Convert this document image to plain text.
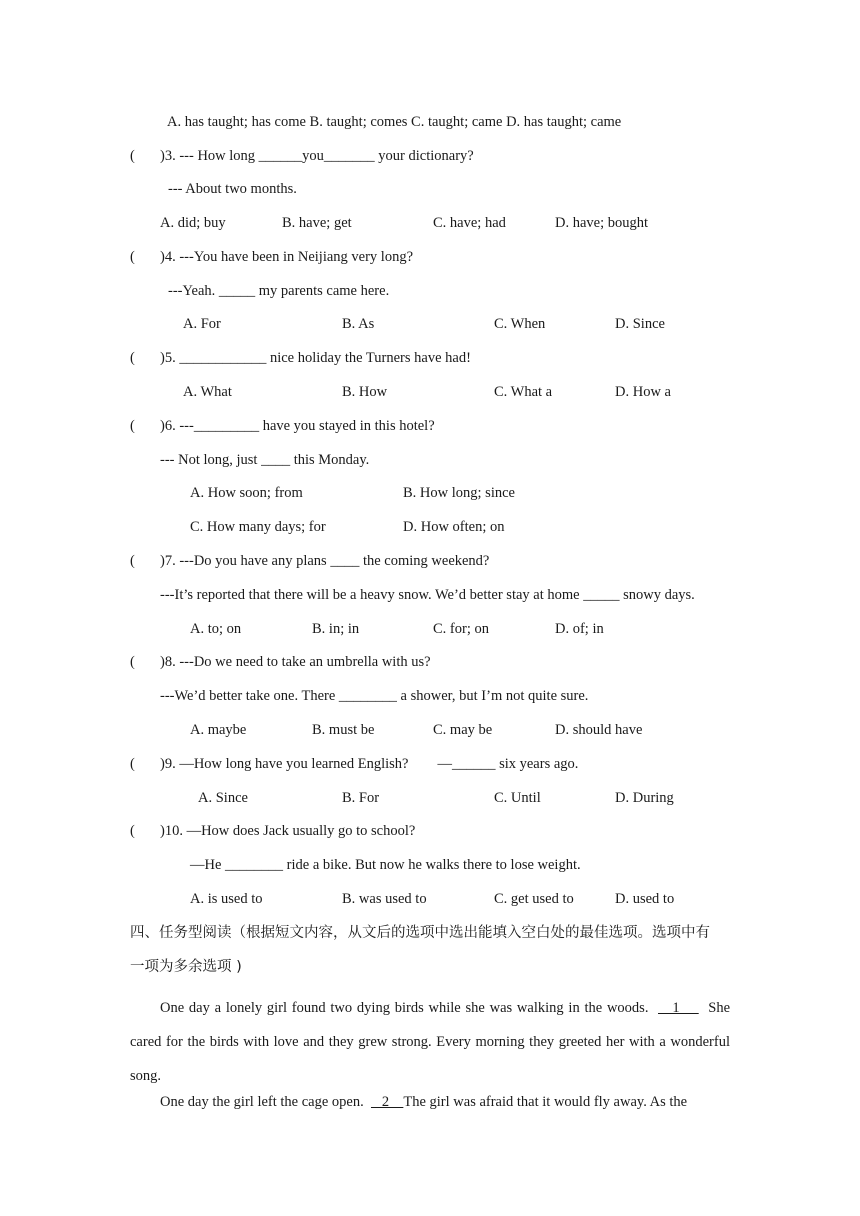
A. has taught; has come B. taught; comes C. taught; came D. has taught; came
( )3. --- How long ______you_______ your dictionary?
--- About two months.
A. did; buy	B. have; get	C. have; had	D. have; bought
( )4. ---You have been in Neijiang very long?
---Yeah. _____ my parents came here.
A. For	B. As	C. When	D. Since
( )5. ____________ nice holiday the Turners have had!
A. What	B. How	C. What a	D. How a
( )6. ---_________ have you stayed in this hotel?
--- Not long, just ____ this Monday.
A. How soon; from	B. How long; since
C. How many days; for	D. How often; on
( )7. ---Do you have any plans ____ the coming weekend?
---It’s reported that there will be a heavy snow. We’d better stay at home _____ snowy days.
A. to; on	B. in; in	C. for; on	D. of; in
( )8. ---Do we need to take an umbrella with us?
---We’d better take one. There ________ a shower, but I’m not quite sure.
A. maybe	B. must be	C. may be	D. should have
( )9. —How long have you learned English?        —______ six years ago.
A. Since	B. For	C. Until	D. During
( )10. —How does Jack usually go to school?
—He ________ ride a bike. But now he walks there to lose weight.
A. is used to	B. was used to	C. get used to	D. used to
四、任务型阅读（根据短文内容，从文后的选项中选出能填入空白处的最佳选项。选项中有
一项为多余选项 )
One day a lonely girl found two dying birds while she was walking in the woods.     1      She cared for the birds with love and they grew strong. Every morning they greeted her with a wonderful song.
One day the girl left the cage open.     2    The girl was afraid that it would fly away. As the
